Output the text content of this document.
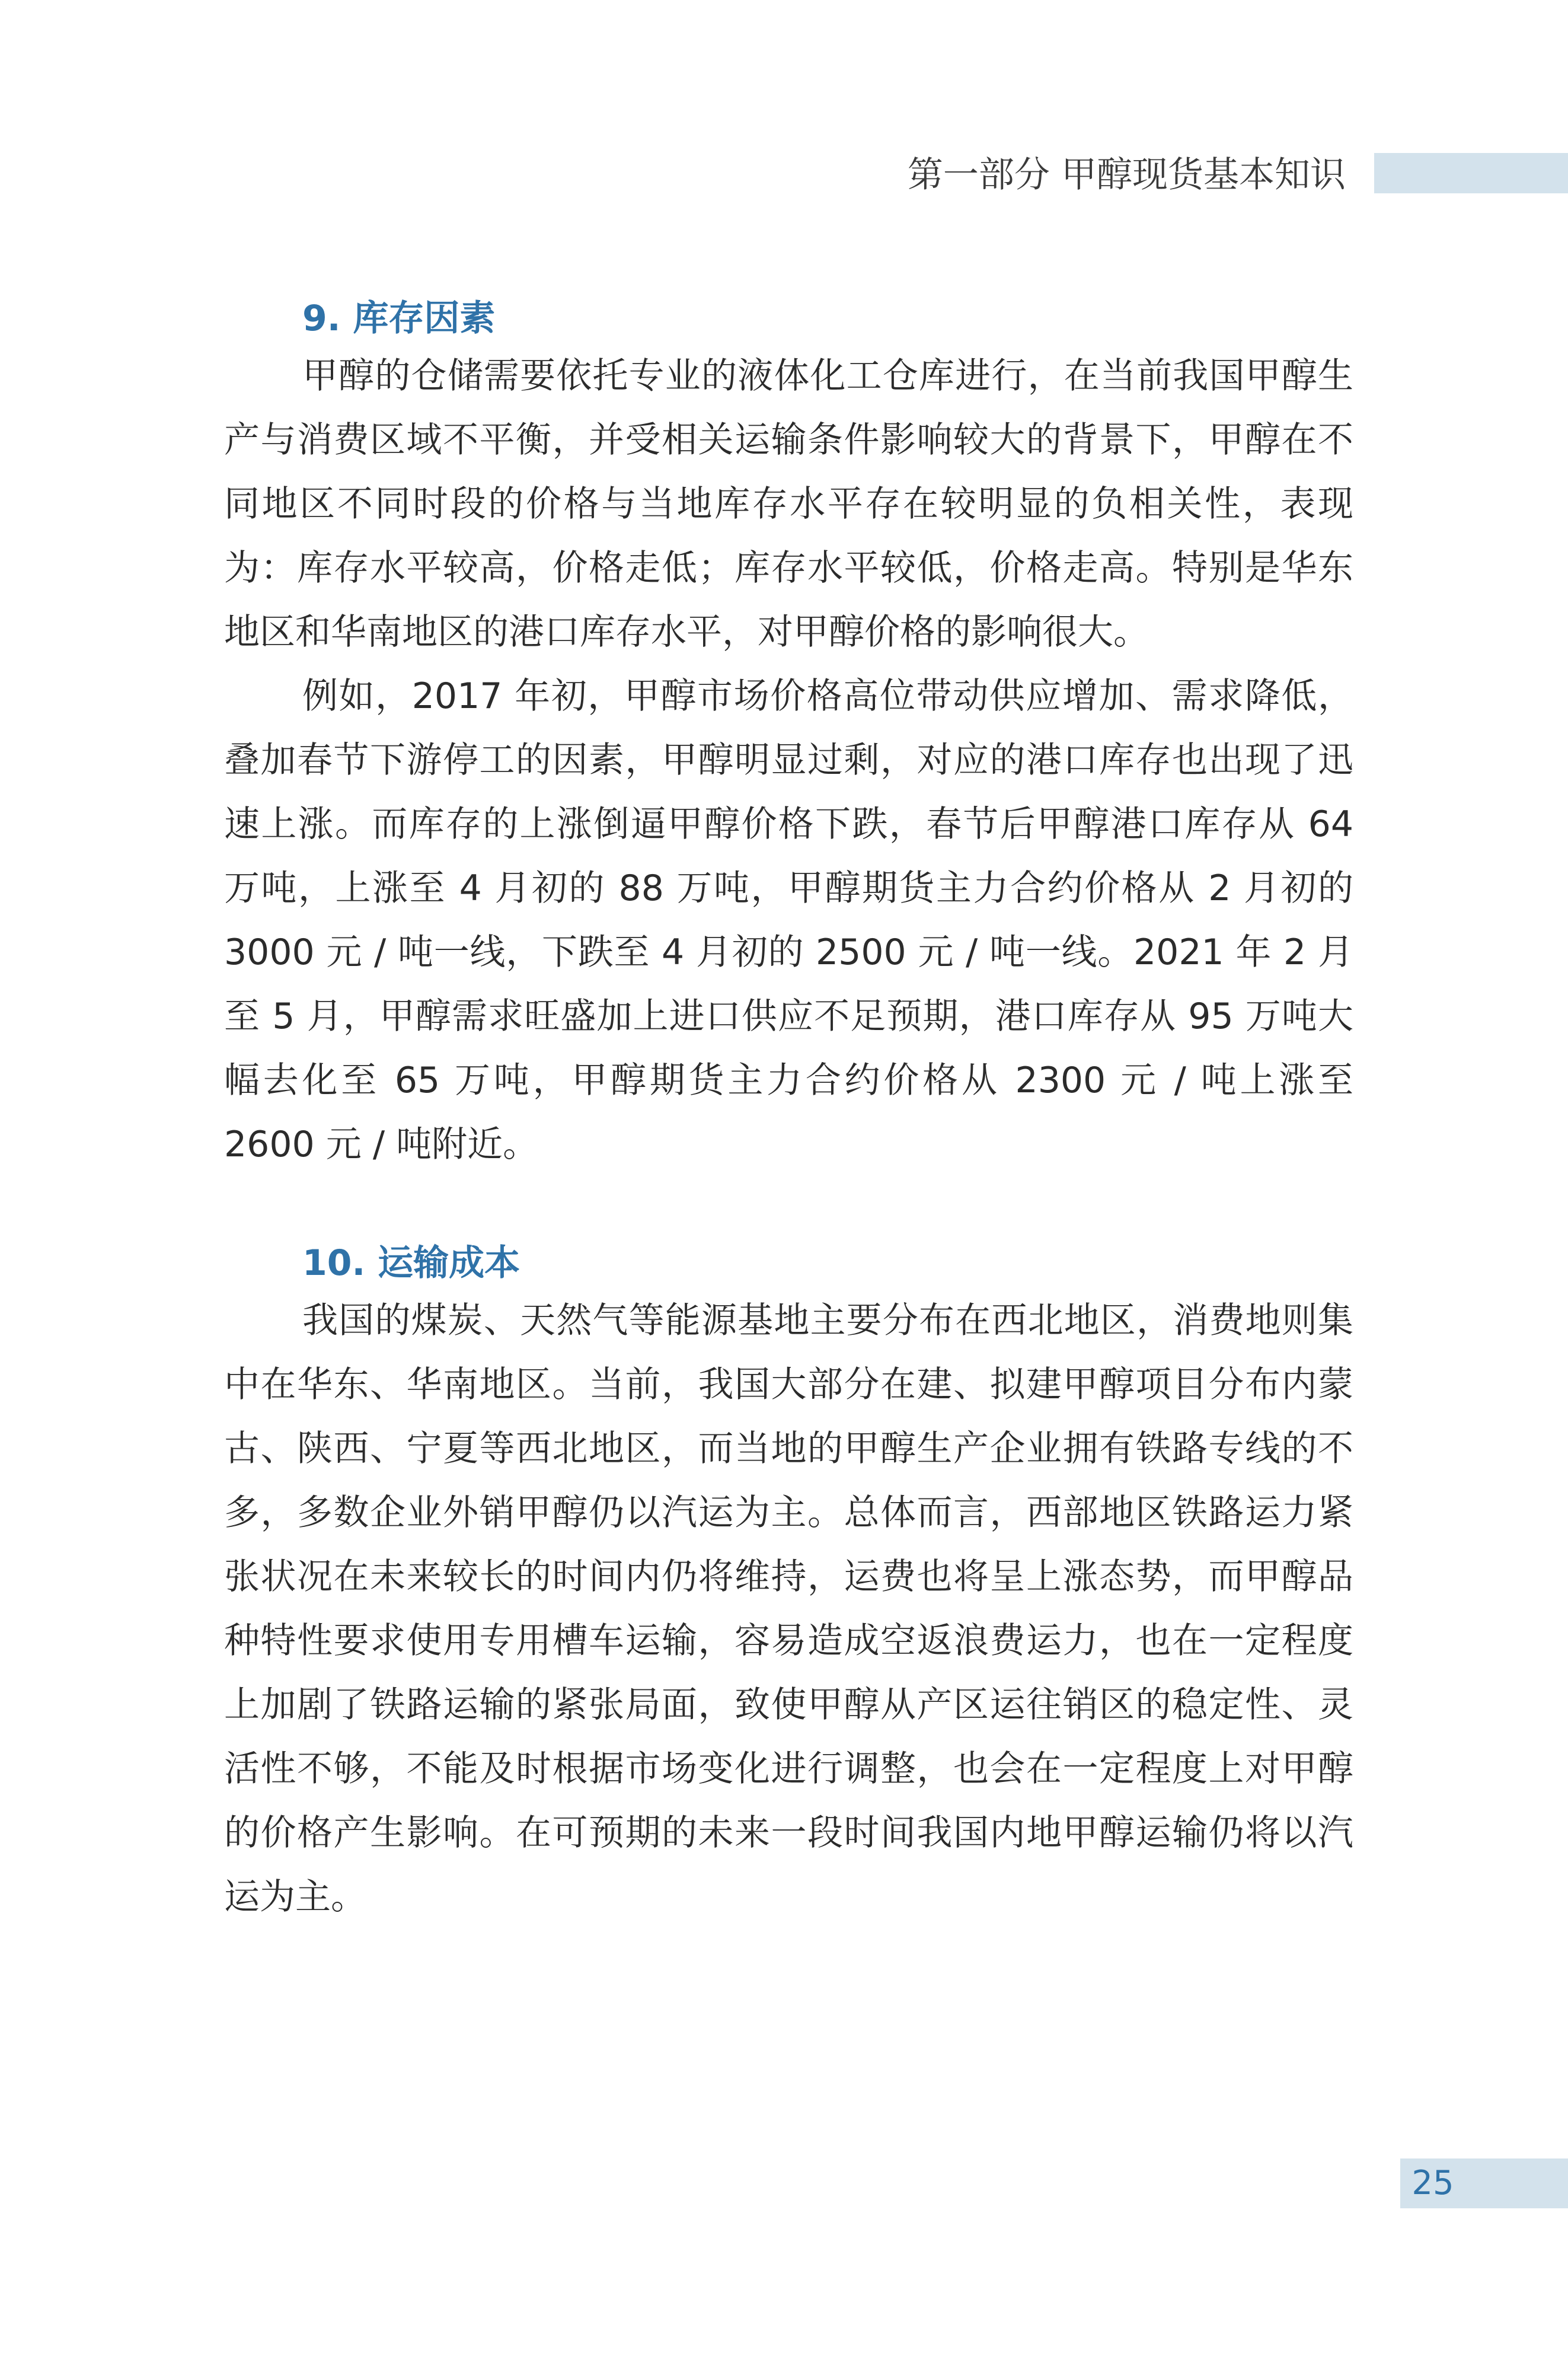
第一部分 甲醇现货基本知识
9. 库存因素

甲醇的仓储需要依托专业的液体化工仓库进行，在当前我国甲醇生产与消费区域不平衡，并受相关运输条件影响较大的背景下，甲醇在不同地区不同时段的价格与当地库存水平存在较明显的负相关性，表现为：库存水平较高，价格走低；库存水平较低，价格走高。特别是华东地区和华南地区的港口库存水平，对甲醇价格的影响很大。

例如，2017 年初，甲醇市场价格高位带动供应增加、需求降低，叠加春节下游停工的因素，甲醇明显过剩，对应的港口库存也出现了迅速上涨。而库存的上涨倒逼甲醇价格下跌，春节后甲醇港口库存从 64 万吨，上涨至 4 月初的 88 万吨，甲醇期货主力合约价格从 2 月初的 3000 元 / 吨一线，下跌至 4 月初的 2500 元 / 吨一线。2021 年 2 月至 5 月，甲醇需求旺盛加上进口供应不足预期，港口库存从 95 万吨大幅去化至 65 万吨，甲醇期货主力合约价格从 2300 元 / 吨上涨至 2600 元 / 吨附近。

10. 运输成本

我国的煤炭、天然气等能源基地主要分布在西北地区，消费地则集中在华东、华南地区。当前，我国大部分在建、拟建甲醇项目分布内蒙古、陕西、宁夏等西北地区，而当地的甲醇生产企业拥有铁路专线的不多，多数企业外销甲醇仍以汽运为主。总体而言，西部地区铁路运力紧张状况在未来较长的时间内仍将维持，运费也将呈上涨态势，而甲醇品种特性要求使用专用槽车运输，容易造成空返浪费运力，也在一定程度上加剧了铁路运输的紧张局面，致使甲醇从产区运往销区的稳定性、灵活性不够，不能及时根据市场变化进行调整，也会在一定程度上对甲醇的价格产生影响。在可预期的未来一段时间我国内地甲醇运输仍将以汽运为主。

25
